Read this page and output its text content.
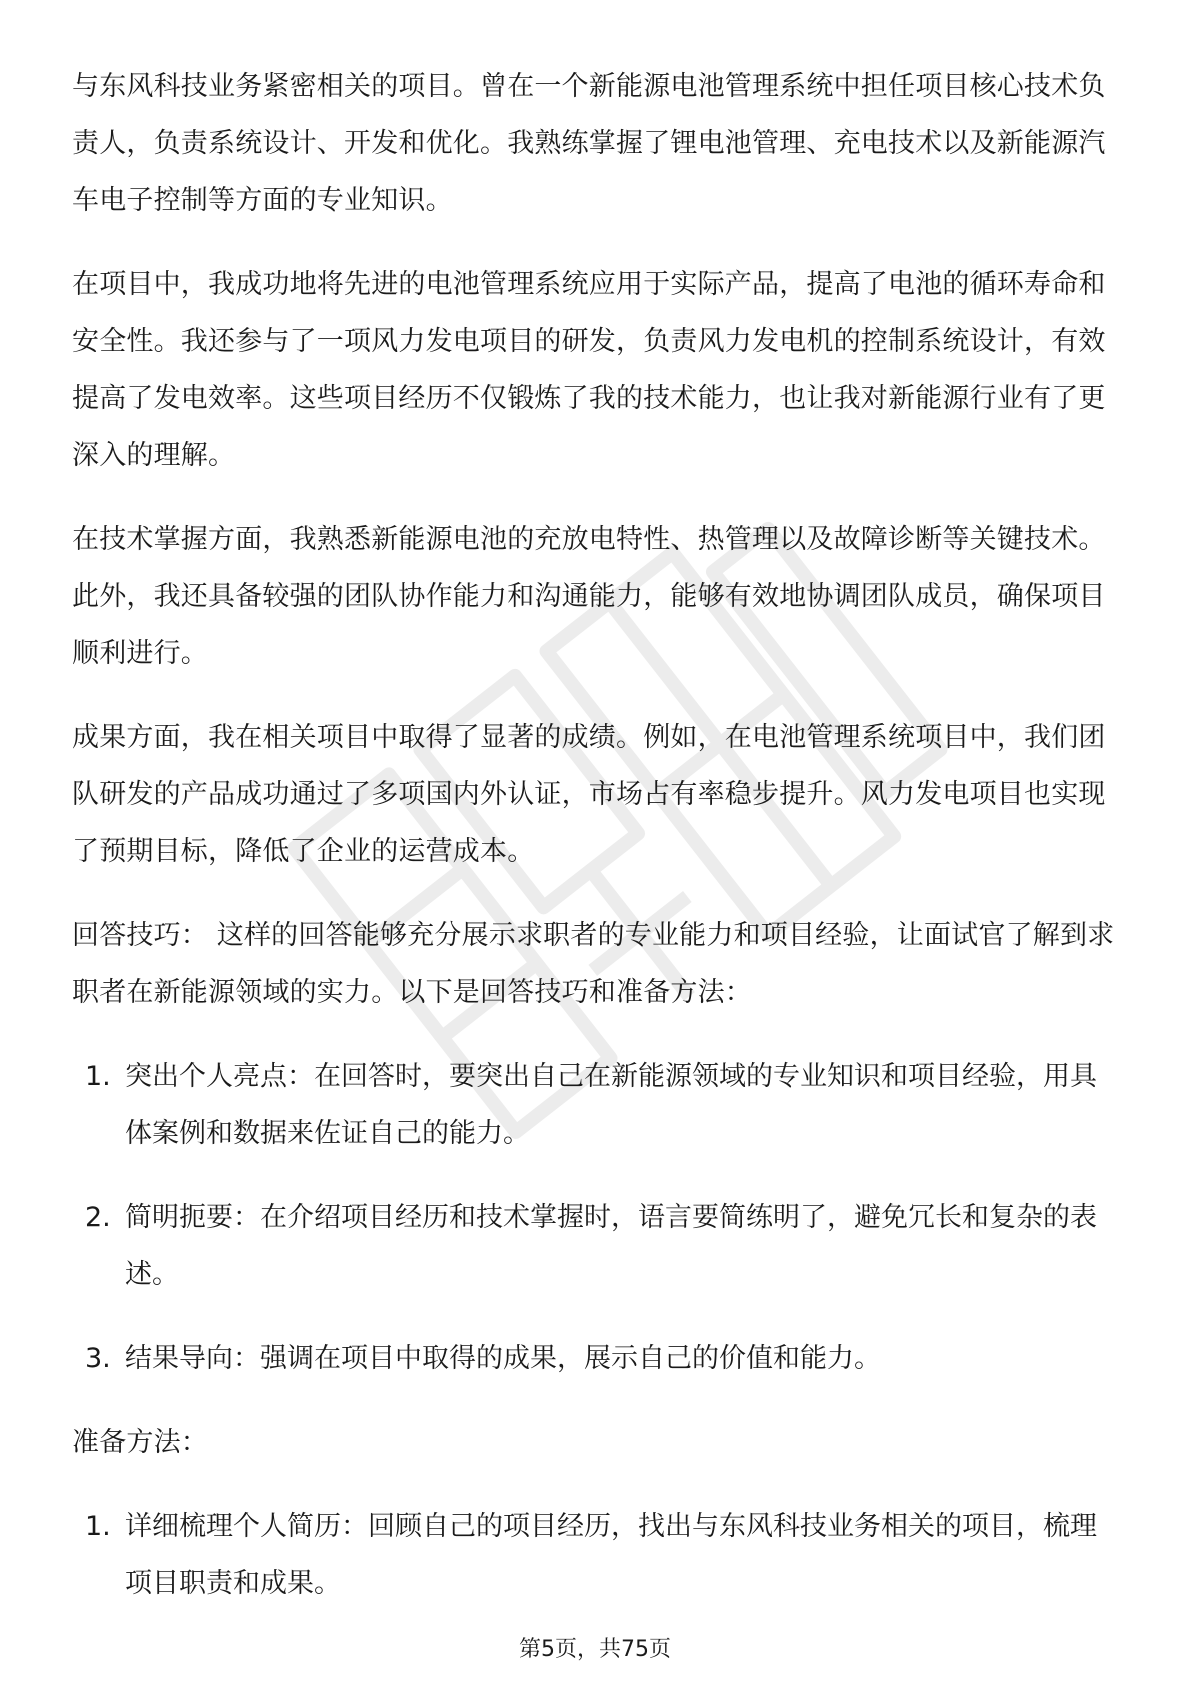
与东风科技业务紧密相关的项目。曾在一个新能源电池管理系统中担任项目核心技术负责人，负责系统设计、开发和优化。我熟练掌握了锂电池管理、充电技术以及新能源汽车电子控制等方面的专业知识。

在项目中，我成功地将先进的电池管理系统应用于实际产品，提高了电池的循环寿命和安全性。我还参与了一项风力发电项目的研发，负责风力发电机的控制系统设计，有效提高了发电效率。这些项目经历不仅锻炼了我的技术能力，也让我对新能源行业有了更深入的理解。

在技术掌握方面，我熟悉新能源电池的充放电特性、热管理以及故障诊断等关键技术。此外，我还具备较强的团队协作能力和沟通能力，能够有效地协调团队成员，确保项目顺利进行。

成果方面，我在相关项目中取得了显著的成绩。例如，在电池管理系统项目中，我们团队研发的产品成功通过了多项国内外认证，市场占有率稳步提升。风力发电项目也实现了预期目标，降低了企业的运营成本。

回答技巧： 这样的回答能够充分展示求职者的专业能力和项目经验，让面试官了解到求职者在新能源领域的实力。以下是回答技巧和准备方法：

1. 突出个人亮点：在回答时，要突出自己在新能源领域的专业知识和项目经验，用具体案例和数据来佐证自己的能力。
2. 简明扼要：在介绍项目经历和技术掌握时，语言要简练明了，避免冗长和复杂的表述。
3. 结果导向：强调在项目中取得的成果，展示自己的价值和能力。

准备方法：

1. 详细梳理个人简历：回顾自己的项目经历，找出与东风科技业务相关的项目，梳理项目职责和成果。
第5页，共75页
